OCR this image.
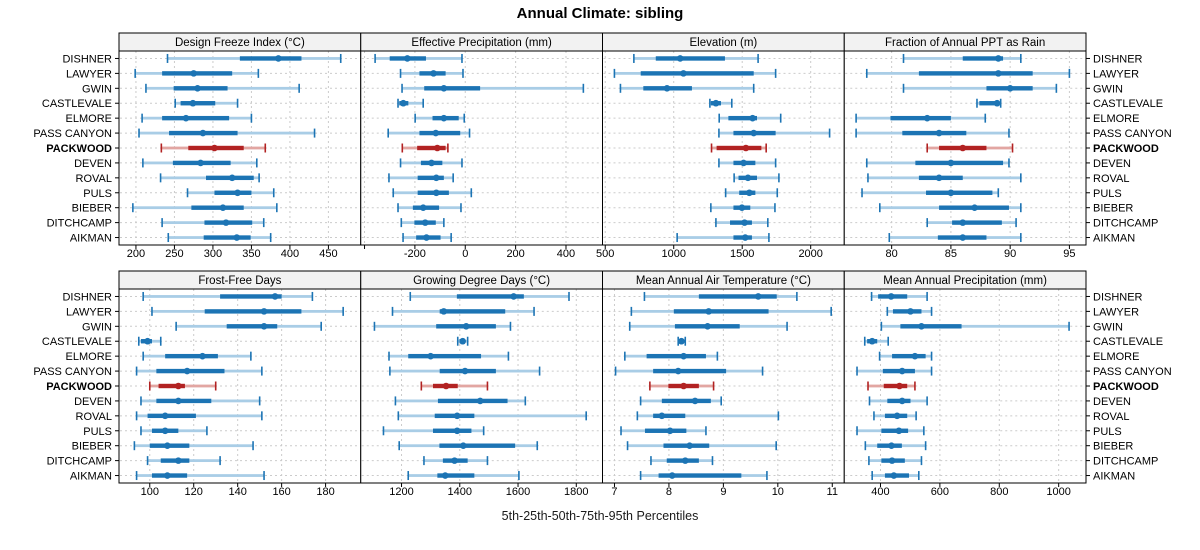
Annual Climate: sibling
200 250 300 350 400 450
Design Freeze Index (°C)
-200	0	200	400
Effective Precipitation (mm)
500	1000	1500	2000
Elevation (m)
80	85	90	95
Fraction of Annual PPT as Rain
100 120 140 160 180
Frost-Free Days
1200	1400	1600	1800
Growing Degree Days (°C)
7	8	9	10	11
Mean Annual Air Temperature (°C)
400	600	800	1000
Mean Annual Precipitation (mm)
DISHNER	DISHNER
LAWYER	LAWYER
GWIN	GWIN
CASTLEVALE	CASTLEVALE
ELMORE	ELMORE
PASS CANYON	PASS CANYON
PACKWOOD	PACKWOOD
DEVEN	DEVEN
ROVAL	ROVAL
PULS	PULS
BIEBER	BIEBER
DITCHCAMP	DITCHCAMP
AIKMAN	AIKMAN
DISHNER	DISHNER
LAWYER	LAWYER
GWIN	GWIN
CASTLEVALE	CASTLEVALE
ELMORE	ELMORE
PASS CANYON	PASS CANYON
PACKWOOD	PACKWOOD
DEVEN	DEVEN
ROVAL	ROVAL
PULS	PULS
BIEBER	BIEBER
DITCHCAMP	DITCHCAMP
AIKMAN	AIKMAN
5th-25th-50th-75th-95th Percentiles
